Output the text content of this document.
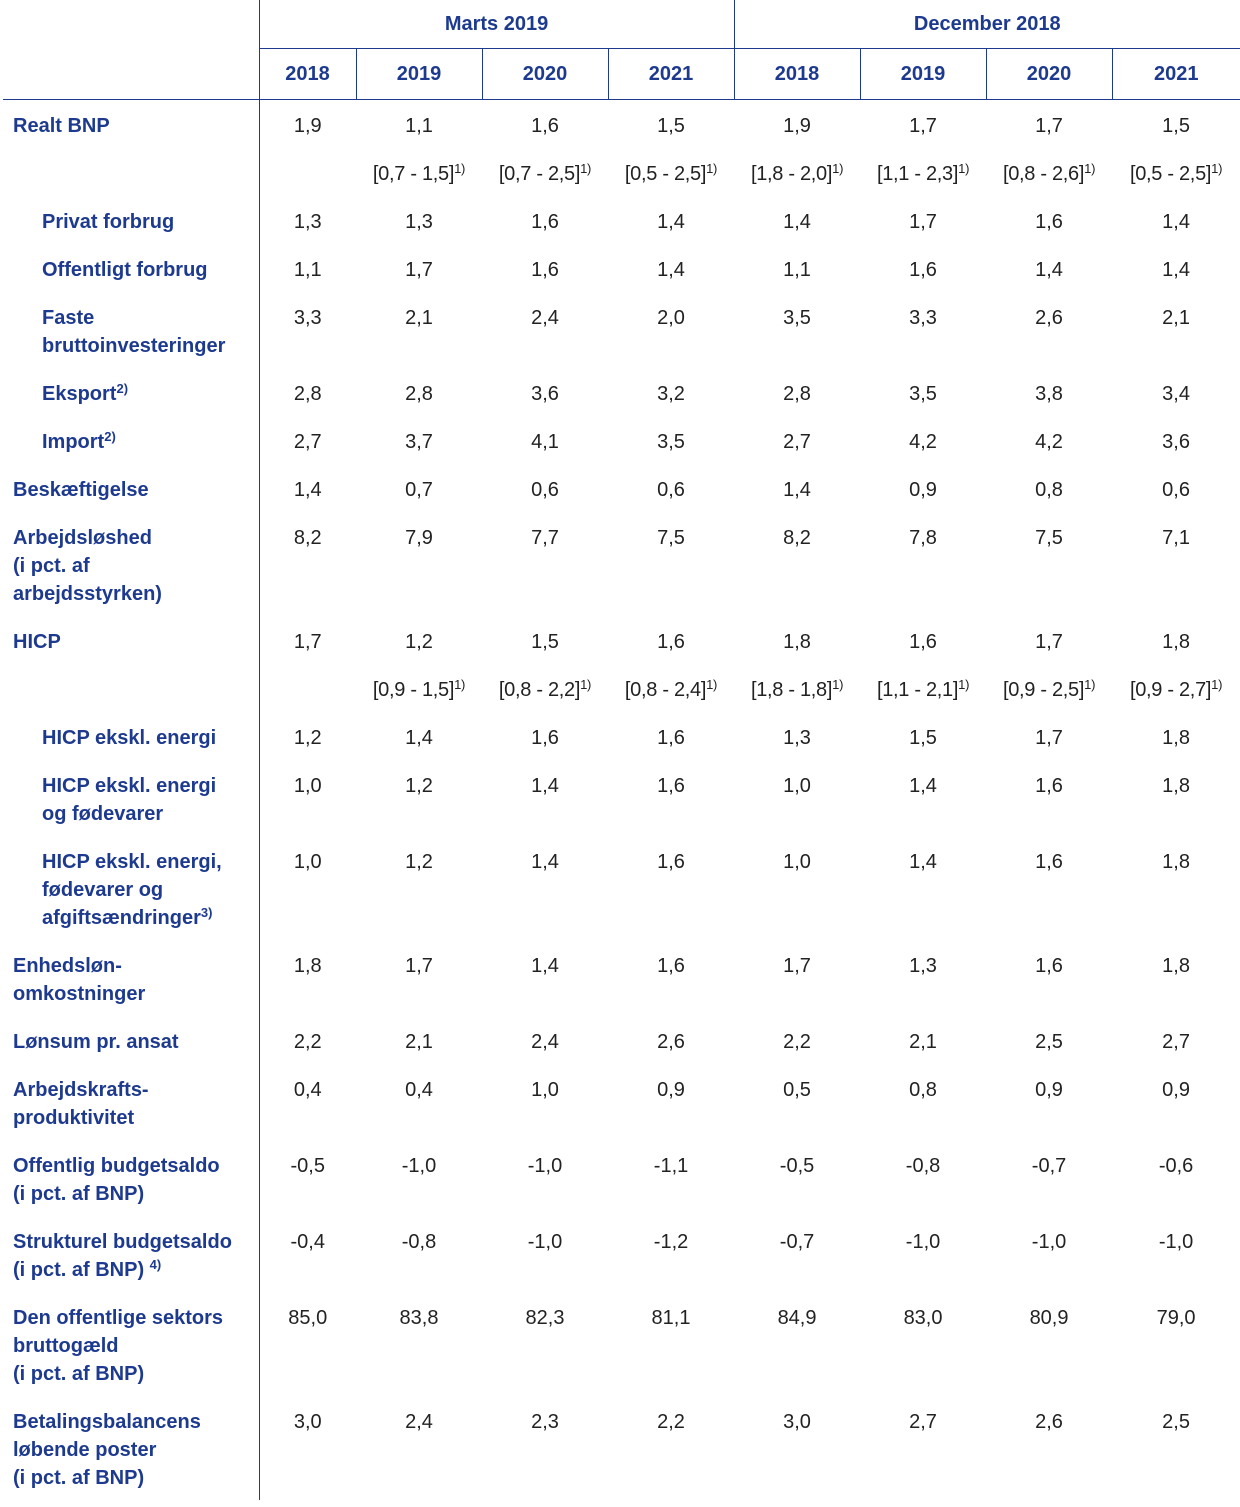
	Marts 2019				December 2018			
	2018	2019	2020	2021	2018	2019	2020	2021
Realt BNP	1,9	1,1	1,6	1,5	1,9	1,7	1,7	1,5
		[0,7 - 1,5]$^{1)}$	[0,7 - 2,5]$^{1)}$	[0,5 - 2,5]$^{1)}$	[1,8 - 2,0]$^{1)}$	[1,1 - 2,3]$^{1)}$	[0,8 - 2,6]$^{1)}$	[0,5 - 2,5]$^{1)}$
Privat forbrug	1,3	1,3	1,6	1,4	1,4	1,7	1,6	1,4
Offentligt forbrug	1,1	1,7	1,6	1,4	1,1	1,6	1,4	1,4

Faste
bruttoinvesteringer	3,3	2,1	2,4	2,0	3,5	3,3	2,6	2,1
Eksport$^{2)}$	2,8	2,8	3,6	3,2	2,8	3,5	3,8	3,4
Import$^{2)}$	2,7	3,7	4,1	3,5	2,7	4,2	4,2	3,6
Beskæftigelse	1,4	0,7	0,6	0,6	1,4	0,9	0,8	0,6

Arbejdsløshed
(i pct. af
arbejdsstyrken)	8,2	7,9	7,7	7,5	8,2	7,8	7,5	7,1
HICP	1,7	1,2	1,5	1,6	1,8	1,6	1,7	1,8
		[0,9 - 1,5]$^{1)}$	[0,8 - 2,2]$^{1)}$	[0,8 - 2,4]$^{1)}$	[1,8 - 1,8]$^{1)}$	[1,1 - 2,1]$^{1)}$	[0,9 - 2,5]$^{1)}$	[0,9 - 2,7]$^{1)}$
HICP ekskl. energi	1,2	1,4	1,6	1,6	1,3	1,5	1,7	1,8

HICP ekskl. energi
og fødevarer	1,0	1,2	1,4	1,6	1,0	1,4	1,6	1,8

HICP ekskl. energi,
fødevarer og
afgiftsændringer$^{3)}$	1,0	1,2	1,4	1,6	1,0	1,4	1,6	1,8

Enhedsløn-
omkostninger	1,8	1,7	1,4	1,6	1,7	1,3	1,6	1,8
Lønsum pr. ansat	2,2	2,1	2,4	2,6	2,2	2,1	2,5	2,7

Arbejdskrafts-
produktivitet	0,4	0,4	1,0	0,9	0,5	0,8	0,9	0,9

Offentlig budgetsaldo
(i pct. af BNP)	-0,5	-1,0	-1,0	-1,1	-0,5	-0,8	-0,7	-0,6

Strukturel budgetsaldo
(i pct. af BNP) $^{4)}$	-0,4	-0,8	-1,0	-1,2	-0,7	-1,0	-1,0	-1,0

Den offentlige sektors
bruttogæld
(i pct. af BNP)	85,0	83,8	82,3	81,1	84,9	83,0	80,9	79,0

Betalingsbalancens
løbende poster
(i pct. af BNP)	3,0	2,4	2,3	2,2	3,0	2,7	2,6	2,5
